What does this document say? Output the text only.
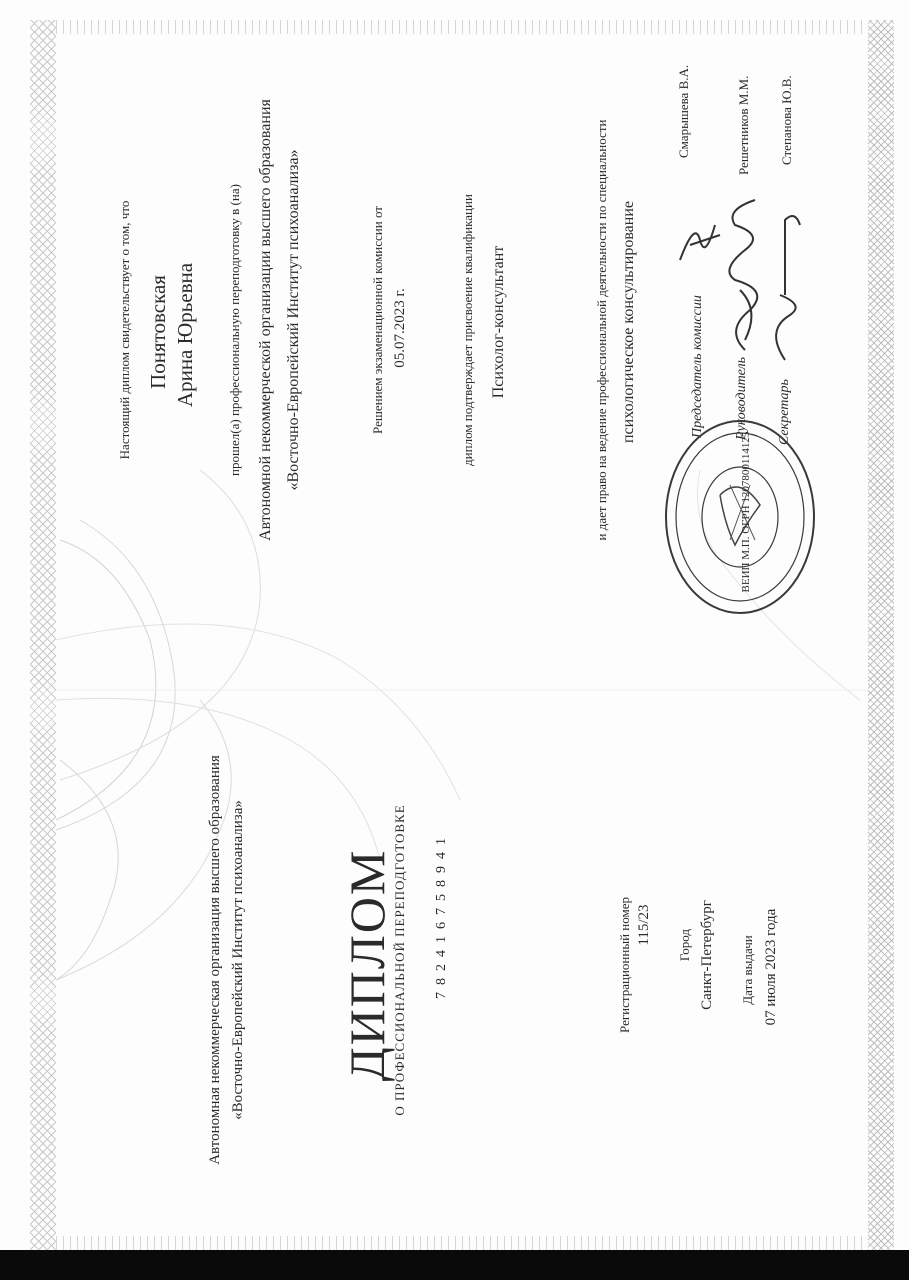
Автономная некоммерческая организация высшего образования «Восточно-Европейский Институт психоанализа» ДИПЛОМ
О ПРОФЕССИОНАЛЬНОЙ ПЕРЕПОДГОТОВКЕ 782416758941	Регистрационный номер 115/23 Город Санкт-Петербург Дата выдачи 07 июля 2023 года
Настоящий диплом свидетельствует о том, что Понятовская Арина Юрьевна прошел(а) профессиональную переподготовку в (на) Автономной некоммерческой организации высшего образования «Восточно-Европейский Институт психоанализа»	Решением экзаменационной комиссии от 05.07.2023 г.	диплом подтверждает присвоение квалификации Психолог-консультант	и дает право на ведение профессиональной деятельности по специальности психологическое консультирование	Председатель комиссии
Смарышева В.А.
Руководитель
Решетников М.М.
Секретарь
Степанова Ю.В.
ВЕИП М.П. ОГРН 1207800114125
